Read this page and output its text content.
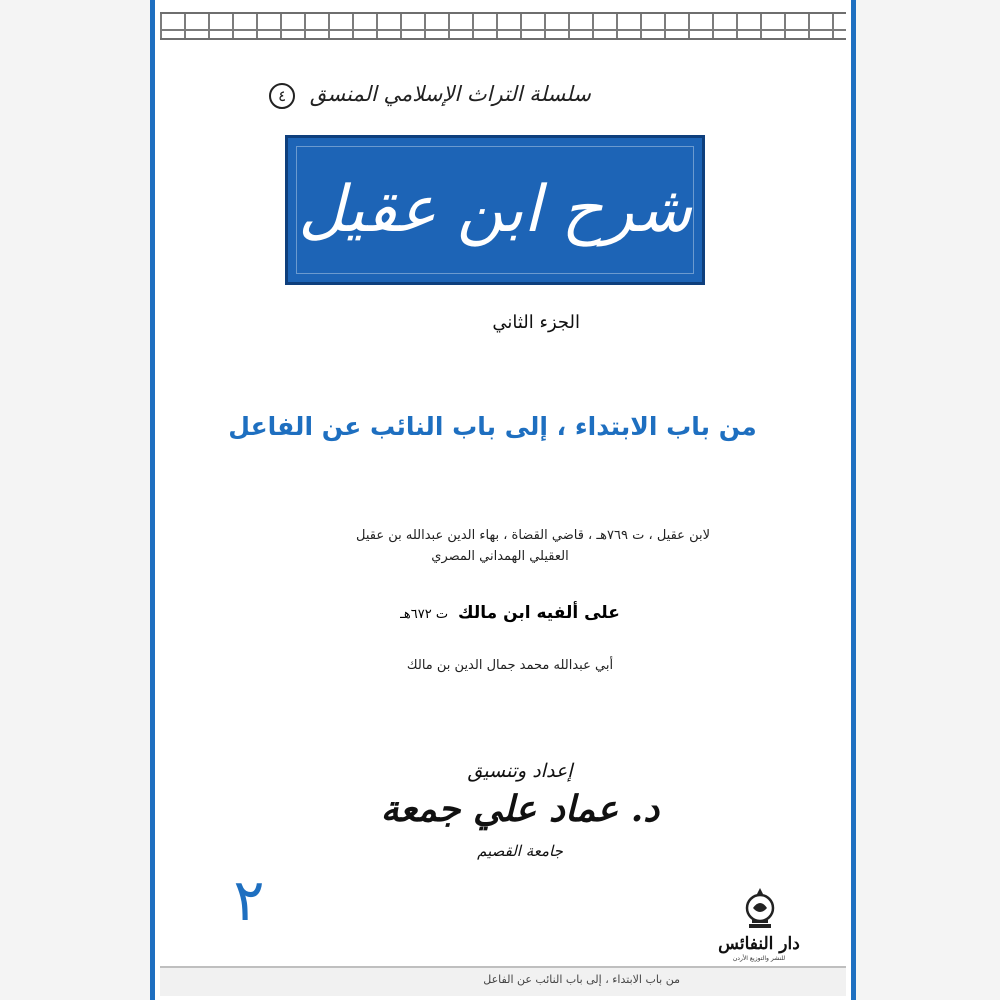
سلسلة التراث الإسلامي المنسق ٤
شرح ابن عقيل
الجزء الثاني
من باب الابتداء ، إلى باب النائب عن الفاعل
لابن عقيل ، ت ٧٦٩هـ ، قاضي القضاة ، بهاء الدين عبدالله بن عقيل
العقيلي الهمداني المصري
على ألفيه ابن مالك ت ٦٧٢هـ
أبي عبدالله محمد جمال الدين بن مالك
إعداد وتنسيق
د. عماد علي جمعة
جامعة القصيم
٢
دار النفائس
للنشر والتوزيع الأردن
من باب الابتداء ، إلى باب النائب عن الفاعل
